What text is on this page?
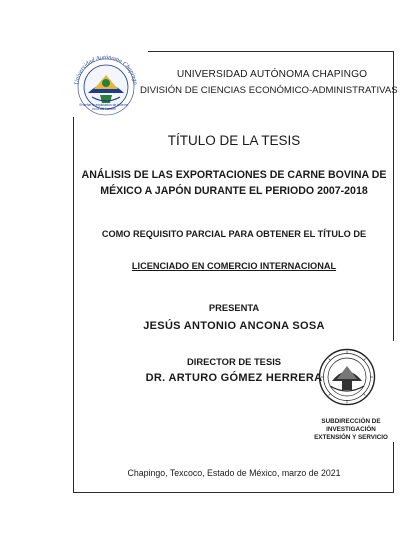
Universidad Autónoma Chapingo
Enseñar la explotación de la tierra, no la del hombre
UNIVERSIDAD AUTÓNOMA CHAPINGO
DIVISIÓN DE CIENCIAS ECONÓMICO-ADMINISTRATIVAS
TÍTULO DE LA TESIS
ANÁLISIS DE LAS EXPORTACIONES DE CARNE BOVINA DE MÉXICO A JAPÓN DURANTE EL PERIODO 2007-2018
COMO REQUISITO PARCIAL PARA OBTENER EL TÍTULO DE
LICENCIADO EN COMERCIO INTERNACIONAL
PRESENTA
JESÚS ANTONIO ANCONA SOSA
DIRECTOR DE TESIS
DR. ARTURO GÓMEZ HERRERA
SUBDIRECCIÓN DE
INVESTIGACIÓN
EXTENSIÓN Y SERVICIO
Chapingo, Texcoco, Estado de México, marzo de 2021
